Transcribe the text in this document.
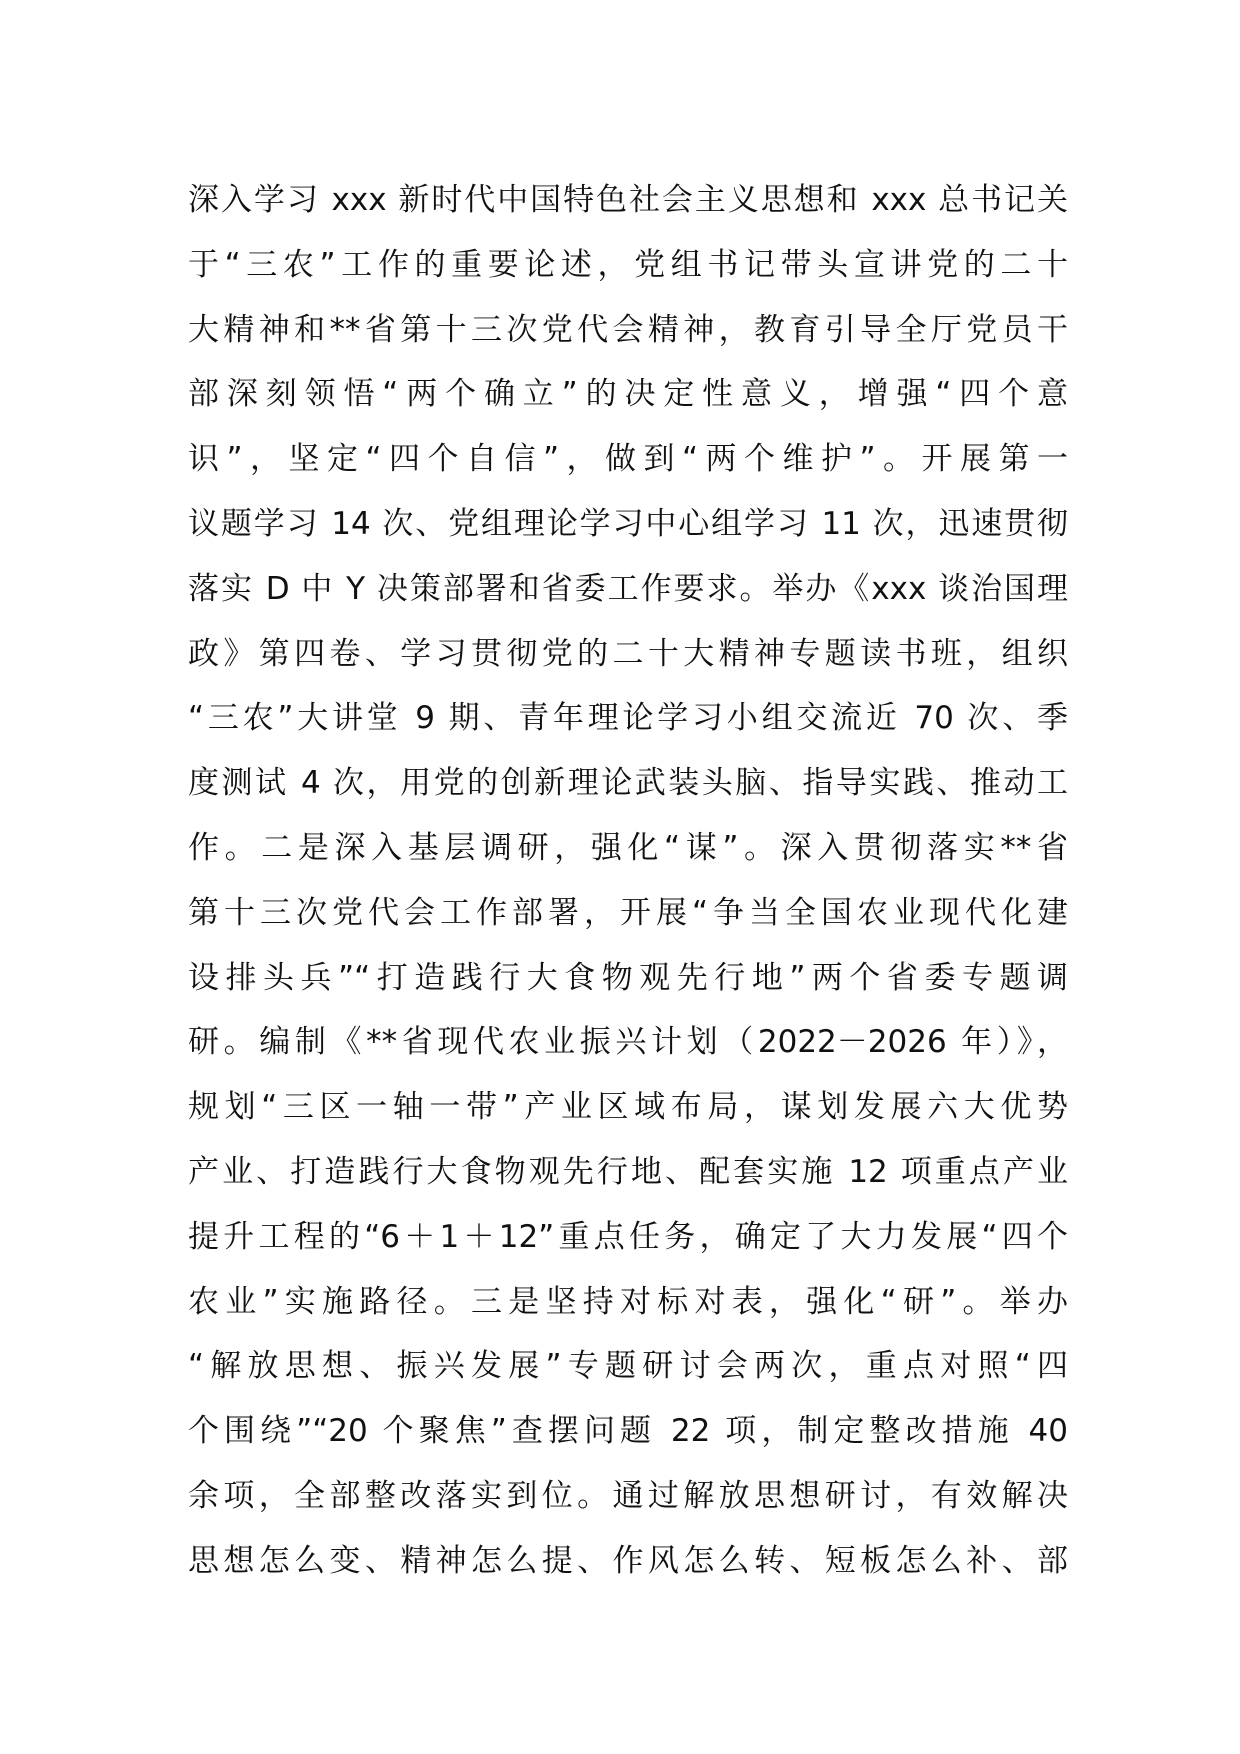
深入学习 xxx 新时代中国特色社会主义思想和 xxx 总书记关
于“三农”工作的重要论述，党组书记带头宣讲党的二十
大精神和**省第十三次党代会精神，教育引导全厅党员干
部深刻领悟“两个确立”的决定性意义，增强“四个意
识”，坚定“四个自信”，做到“两个维护”。开展第一
议题学习 14 次、党组理论学习中心组学习 11 次，迅速贯彻
落实 D 中 Y 决策部署和省委工作要求。举办《xxx 谈治国理
政》第四卷、学习贯彻党的二十大精神专题读书班，组织
“三农”大讲堂 9 期、青年理论学习小组交流近 70 次、季
度测试 4 次，用党的创新理论武装头脑、指导实践、推动工
作。二是深入基层调研，强化“谋”。深入贯彻落实**省
第十三次党代会工作部署，开展“争当全国农业现代化建
设排头兵”“打造践行大食物观先行地”两个省委专题调
研。编制《**省现代农业振兴计划（2022－2026 年）》，
规划“三区一轴一带”产业区域布局，谋划发展六大优势
产业、打造践行大食物观先行地、配套实施 12 项重点产业
提升工程的“6＋1＋12”重点任务，确定了大力发展“四个
农业”实施路径。三是坚持对标对表，强化“研”。举办
“解放思想、振兴发展”专题研讨会两次，重点对照“四
个围绕”“20 个聚焦”查摆问题 22 项，制定整改措施 40
余项，全部整改落实到位。通过解放思想研讨，有效解决
思想怎么变、精神怎么提、作风怎么转、短板怎么补、部
